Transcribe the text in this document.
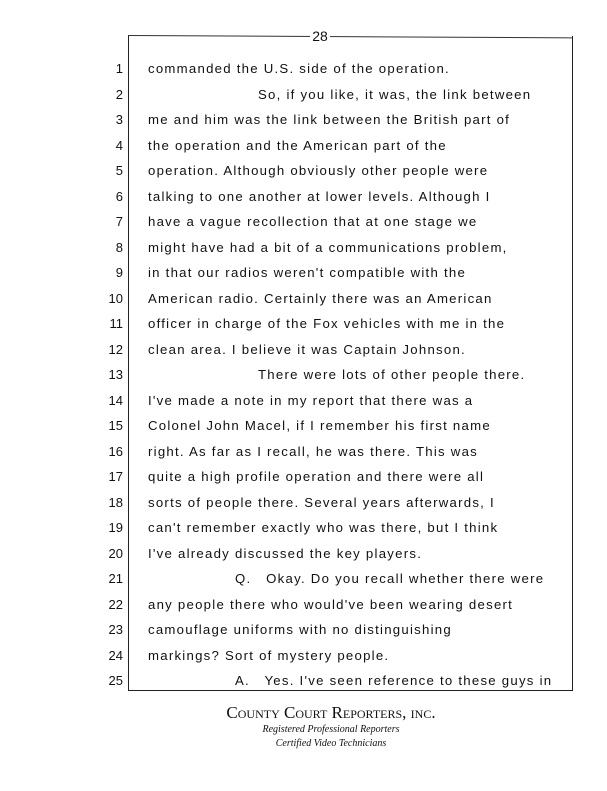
28
1 commanded the U.S. side of the operation.
2	So, if you like, it was, the link between
3 me and him was the link between the British part of
4 the operation and the American part of the
5 operation. Although obviously other people were
6 talking to one another at lower levels. Although I
7 have a vague recollection that at one stage we
8 might have had a bit of a communications problem,
9 in that our radios weren't compatible with the
10 American radio. Certainly there was an American
11 officer in charge of the Fox vehicles with me in the
12 clean area. I believe it was Captain Johnson.
13	There were lots of other people there.
14 I've made a note in my report that there was a
15 Colonel John Macel, if I remember his first name
16 right. As far as I recall, he was there. This was
17 quite a high profile operation and there were all
18 sorts of people there. Several years afterwards, I
19 can't remember exactly who was there, but I think
20 I've already discussed the key players.
21	Q.   Okay. Do you recall whether there were
22 any people there who would've been wearing desert
23 camouflage uniforms with no distinguishing
24 markings? Sort of mystery people.
25	A.   Yes. I've seen reference to these guys in
County Court Reporters, inc.
Registered Professional Reporters
Certified Video Technicians
